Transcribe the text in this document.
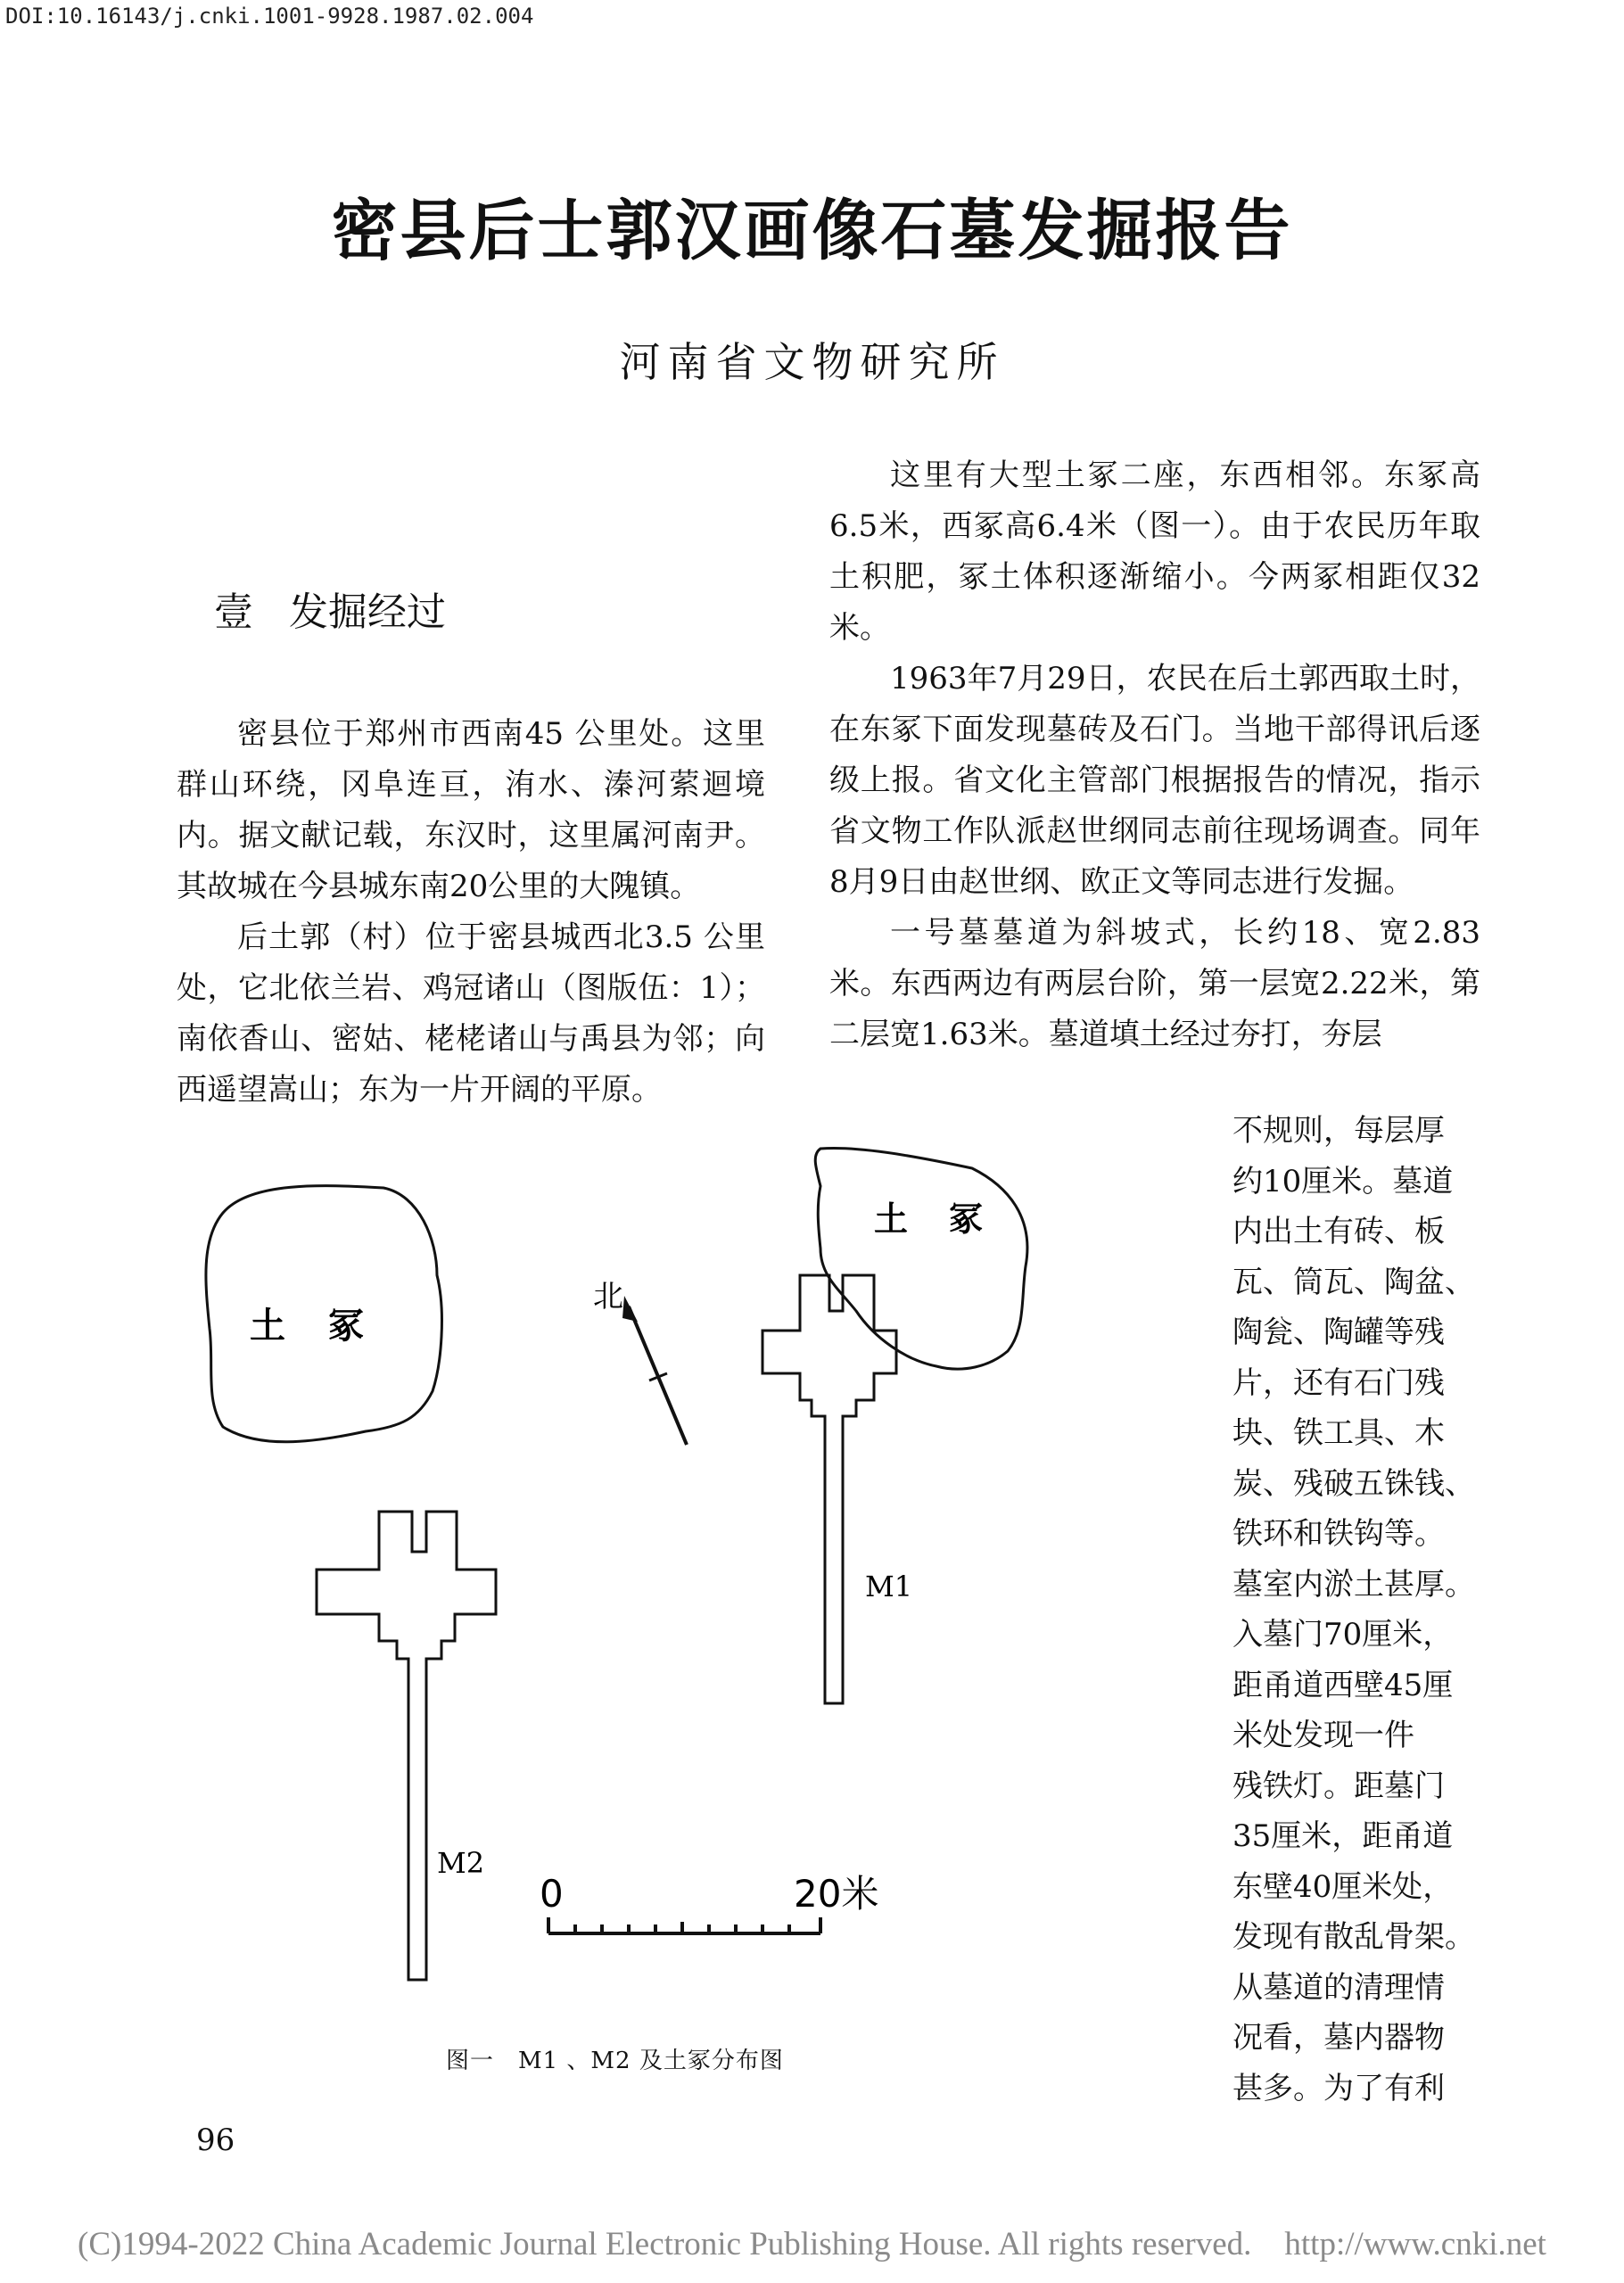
DOI:10.16143/j.cnki.1001-9928.1987.02.004
密县后士郭汉画像石墓发掘报告
河南省文物研究所
壹 发掘经过

密县位于郑州市西南45 公里处。这里群山环绕，冈阜连亘，洧水、溱河萦迴境内。据文献记载，东汉时，这里属河南尹。其故城在今县城东南20公里的大隗镇。

后土郭（村）位于密县城西北3.5 公里处，它北依兰岩、鸡冠诸山（图版伍：1）；南依香山、密姑、栳栳诸山与禹县为邻；向西遥望嵩山；东为一片开阔的平原。

这里有大型土冢二座，东西相邻。东冢高6.5米，西冢高6.4米（图一）。由于农民历年取土积肥，冢土体积逐渐缩小。今两冢相距仅32米。

1963年7月29日，农民在后土郭西取土时，在东冢下面发现墓砖及石门。当地干部得讯后逐级上报。省文化主管部门根据报告的情况，指示省文物工作队派赵世纲同志前往现场调查。同年8月9日由赵世纲、欧正文等同志进行发掘。

一号墓墓道为斜坡式，长约18、宽2.83米。东西两边有两层台阶，第一层宽2.22米，第二层宽1.63米。墓道填土经过夯打，夯层

不规则，每层厚
约10厘米。墓道
内出土有砖、板
瓦、筒瓦、陶盆、
陶瓮、陶罐等残
片，还有石门残
块、铁工具、木
炭、残破五铢钱、
铁环和铁钩等。
墓室内淤土甚厚。
入墓门70厘米，
距甬道西壁45厘
米处发现一件
残铁灯。距墓门
35厘米，距甬道
东壁40厘米处，
发现有散乱骨架。
从墓道的清理情
况看，墓内器物
甚多。为了有利
北
土　冢
土　冢
M1
M2
0	20米
图一　M1 、M2 及土冢分布图
96
(C)1994-2022 China Academic Journal Electronic Publishing House. All rights reserved.　http://www.cnki.net
